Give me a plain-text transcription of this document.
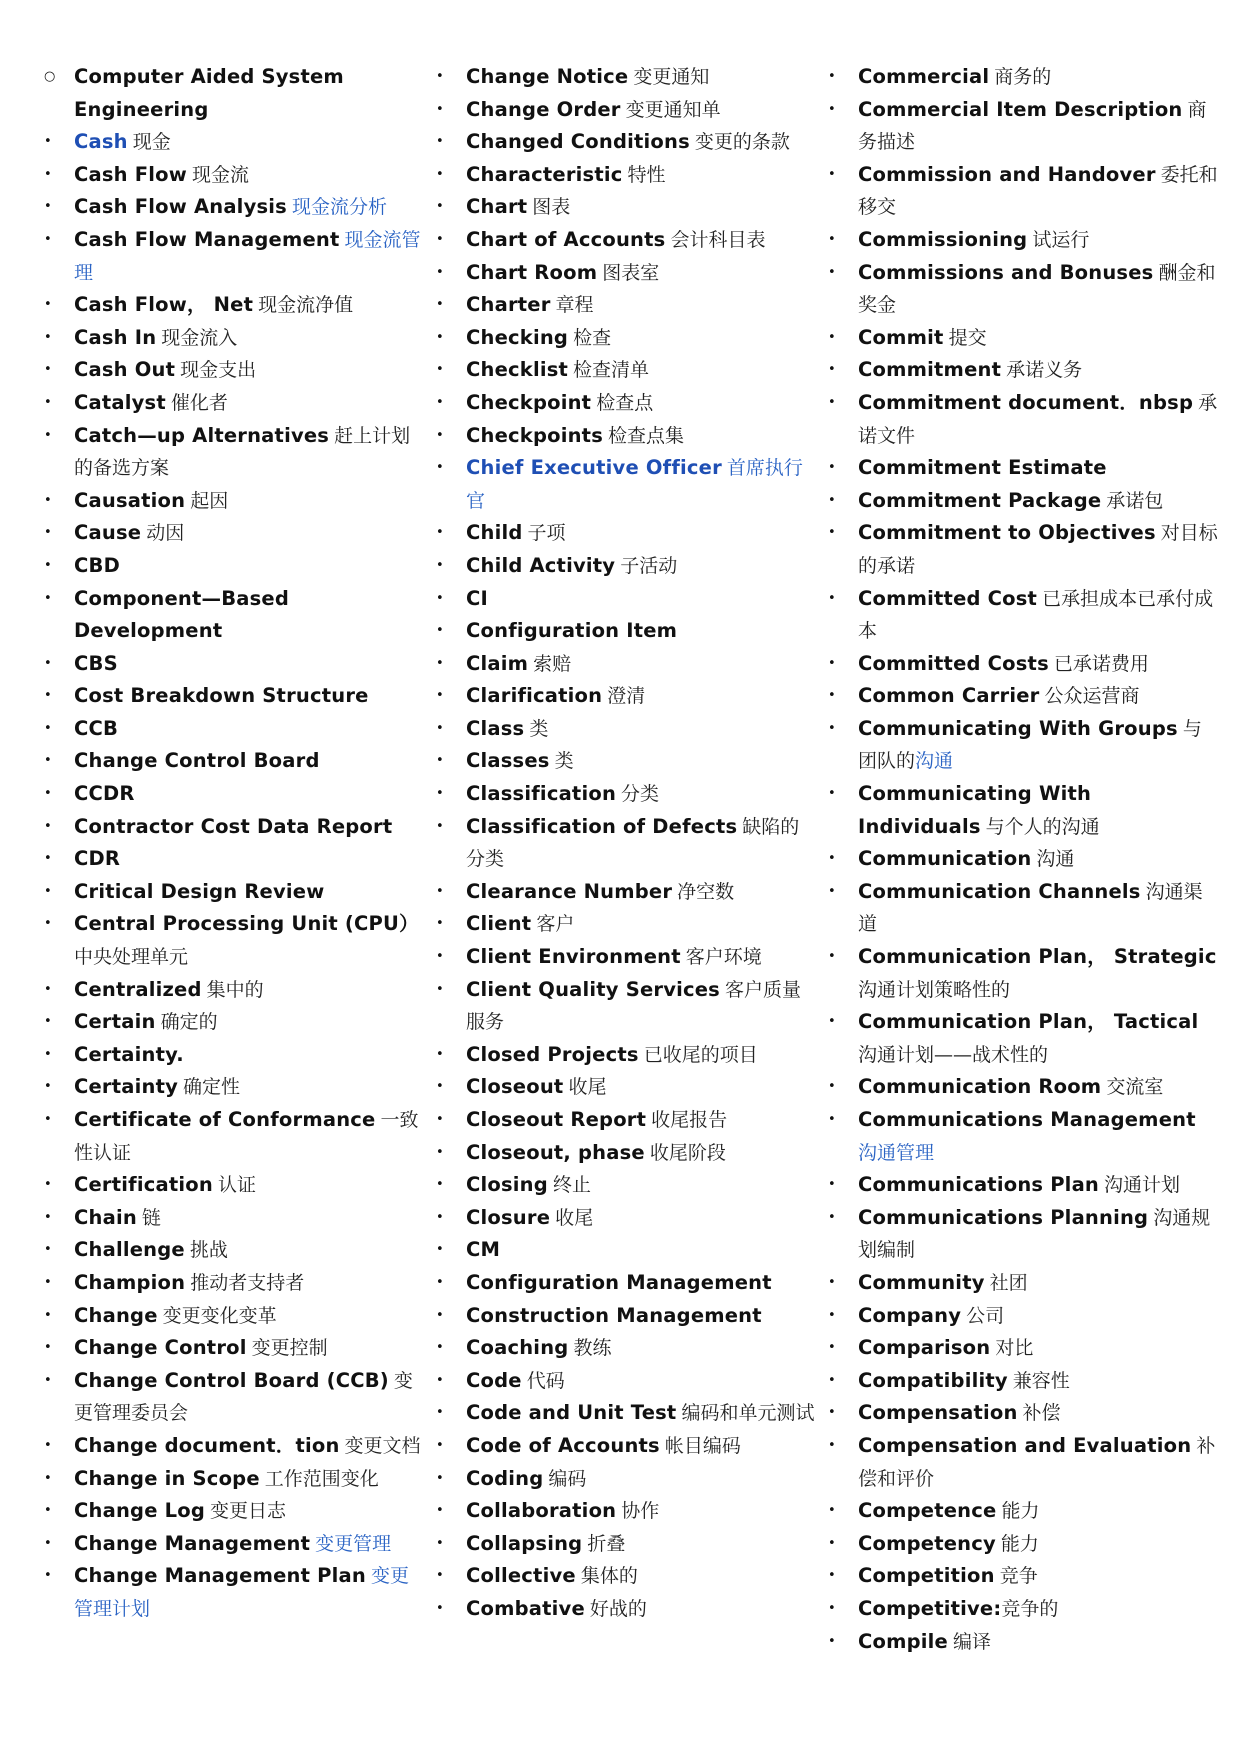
○ Computer Aided System Engineering
•	Cash 现金
•	Cash Flow 现金流
•	Cash Flow Analysis 现金流分析
•	Cash Flow Management 现金流管理
•	Cash Flow， Net 现金流净值
•	Cash In 现金流入
•	Cash Out 现金支出
•	Catalyst 催化者
•	Catch—up Alternatives 赶上计划的备选方案
•	Causation 起因
•	Cause 动因
•	CBD
•	Component—Based Development
•	CBS
•	Cost Breakdown Structure
•	CCB
•	Change Control Board
•	CCDR
•	Contractor Cost Data Report
•	CDR
•	Critical Design Review
•	Central Processing Unit (CPU） 中央处理单元
•	Centralized 集中的
•	Certain 确定的
•	Certainty.
•	Certainty 确定性
•	Certificate of Conformance 一致性认证
•	Certification 认证
•	Chain 链
•	Challenge 挑战
•	Champion 推动者支持者
•	Change 变更变化变革
•	Change Control 变更控制
•	Change Control Board (CCB) 变更管理委员会
•	Change document．tion 变更文档
•	Change in Scope 工作范围变化
•	Change Log 变更日志
•	Change Management 变更管理
•	Change Management Plan 变更管理计划
•	Change Notice 变更通知
•	Change Order 变更通知单
•	Changed Conditions 变更的条款
•	Characteristic 特性
•	Chart 图表
•	Chart of Accounts 会计科目表
•	Chart Room 图表室
•	Charter 章程
•	Checking 检查
•	Checklist 检查清单
•	Checkpoint 检查点
•	Checkpoints 检查点集
•	Chief Executive Officer 首席执行官
•	Child 子项
•	Child Activity 子活动
•	CI
•	Configuration Item
•	Claim 索赔
•	Clarification 澄清
•	Class 类
•	Classes 类
•	Classification 分类
•	Classification of Defects 缺陷的分类
•	Clearance Number 净空数
•	Client 客户
•	Client Environment 客户环境
•	Client Quality Services 客户质量服务
•	Closed Projects 已收尾的项目
•	Closeout 收尾
•	Closeout Report 收尾报告
•	Closeout, phase 收尾阶段
•	Closing 终止
•	Closure 收尾
•	CM
•	Configuration Management
•	Construction Management
•	Coaching 教练
•	Code 代码
•	Code and Unit Test 编码和单元测试
•	Code of Accounts 帐目编码
•	Coding 编码
•	Collaboration 协作
•	Collapsing 折叠
•	Collective 集体的
•	Combative 好战的
•	Commercial 商务的
•	Commercial Item Description 商务描述
•	Commission and Handover 委托和移交
•	Commissioning 试运行
•	Commissions and Bonuses 酬金和奖金
•	Commit 提交
•	Commitment 承诺义务
•	Commitment document．nbsp 承诺文件
•	Commitment Estimate
•	Commitment Package 承诺包
•	Commitment to Objectives 对目标的承诺
•	Committed Cost 已承担成本已承付成本
•	Committed Costs 已承诺费用
•	Common Carrier 公众运营商
•	Communicating With Groups 与团队的沟通
•	Communicating With Individuals 与个人的沟通
•	Communication 沟通
•	Communication Channels 沟通渠道
•	Communication Plan， Strategic 沟通计划策略性的
•	Communication Plan， Tactical 沟通计划——战术性的
•	Communication Room 交流室
•	Communications Management 沟通管理
•	Communications Plan 沟通计划
•	Communications Planning 沟通规划编制
•	Community 社团
•	Company 公司
•	Comparison 对比
•	Compatibility 兼容性
•	Compensation 补偿
•	Compensation and Evaluation 补偿和评价
•	Competence 能力
•	Competency 能力
•	Competition 竞争
•	Competitive:竞争的
•	Compile 编译
